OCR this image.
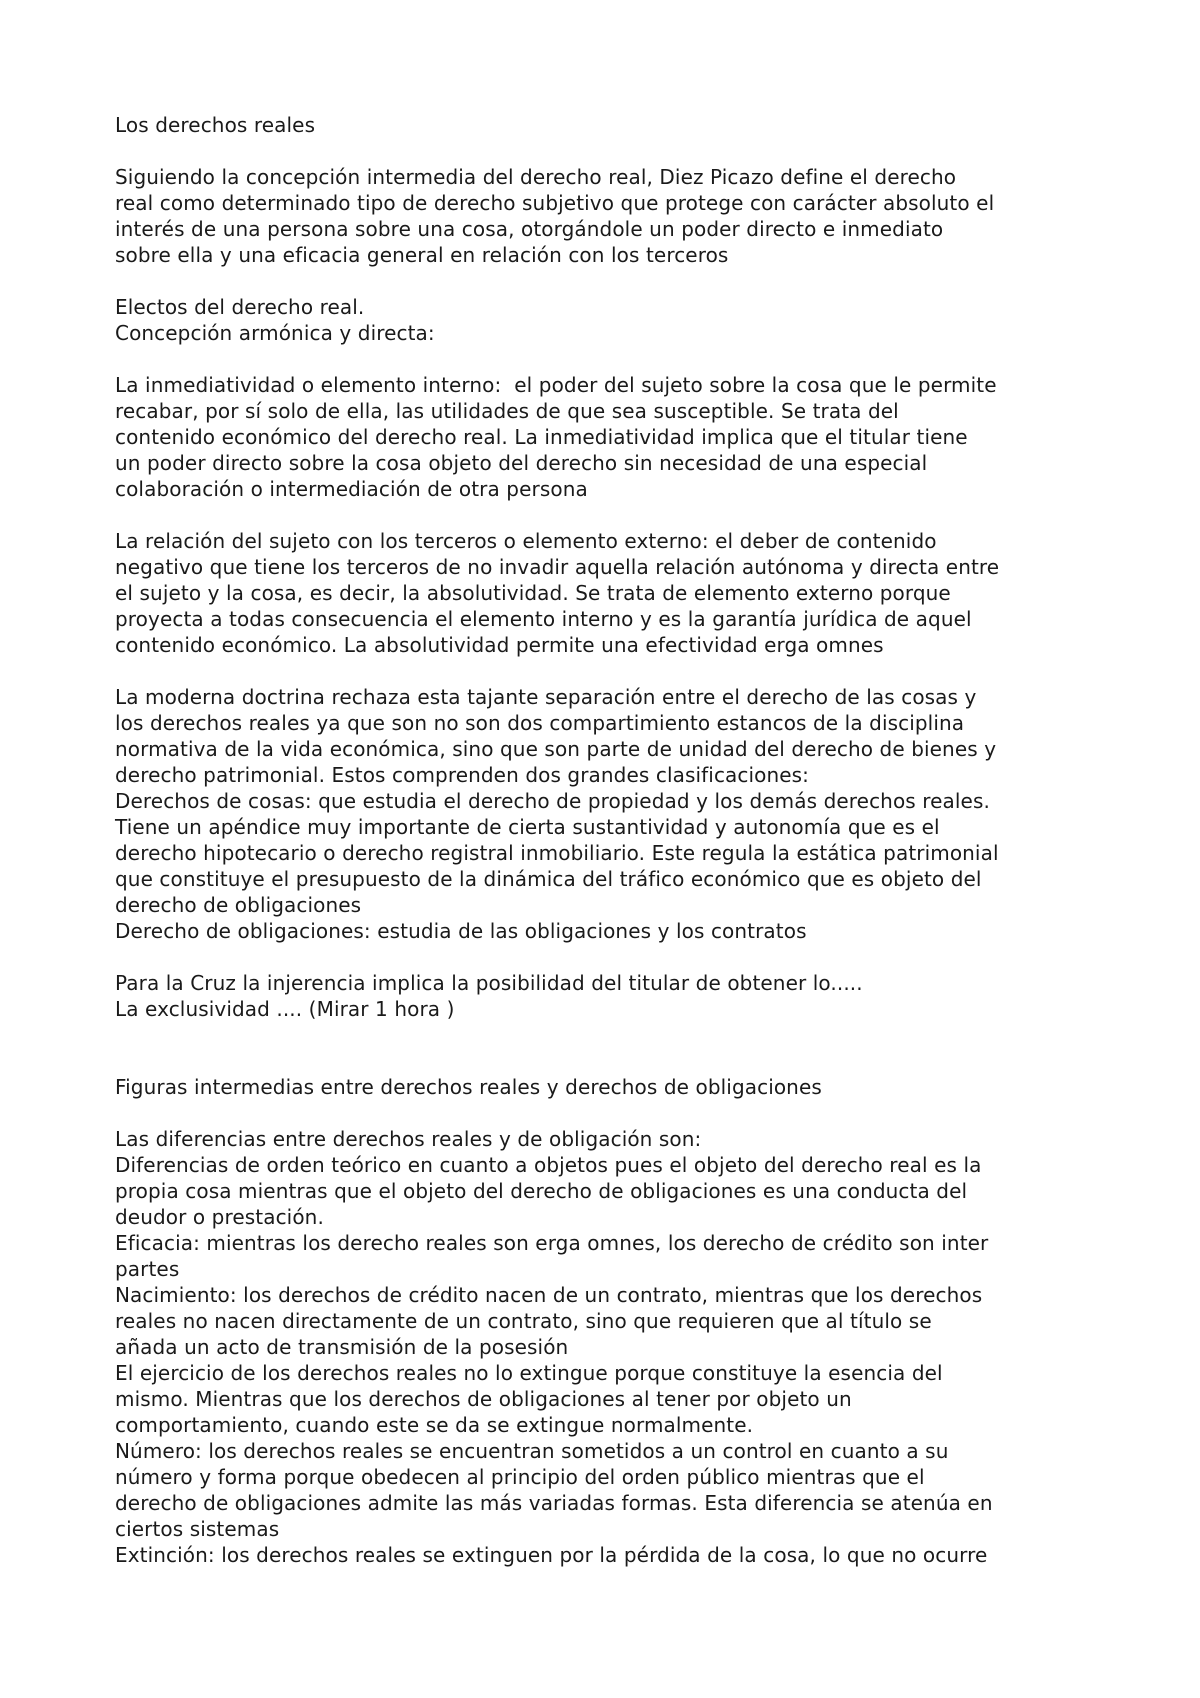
Los derechos reales
Siguiendo la concepción intermedia del derecho real, Diez Picazo define el derecho
real como determinado tipo de derecho subjetivo que protege con carácter absoluto el
interés de una persona sobre una cosa, otorgándole un poder directo e inmediato
sobre ella y una eficacia general en relación con los terceros
Electos del derecho real.
Concepción armónica y directa:
La inmediatividad o elemento interno:  el poder del sujeto sobre la cosa que le permite
recabar, por sí solo de ella, las utilidades de que sea susceptible. Se trata del
contenido económico del derecho real. La inmediatividad implica que el titular tiene
un poder directo sobre la cosa objeto del derecho sin necesidad de una especial
colaboración o intermediación de otra persona
La relación del sujeto con los terceros o elemento externo: el deber de contenido
negativo que tiene los terceros de no invadir aquella relación autónoma y directa entre
el sujeto y la cosa, es decir, la absolutividad. Se trata de elemento externo porque
proyecta a todas consecuencia el elemento interno y es la garantía jurídica de aquel
contenido económico. La absolutividad permite una efectividad erga omnes
La moderna doctrina rechaza esta tajante separación entre el derecho de las cosas y
los derechos reales ya que son no son dos compartimiento estancos de la disciplina
normativa de la vida económica, sino que son parte de unidad del derecho de bienes y
derecho patrimonial. Estos comprenden dos grandes clasificaciones:
Derechos de cosas: que estudia el derecho de propiedad y los demás derechos reales.
Tiene un apéndice muy importante de cierta sustantividad y autonomía que es el
derecho hipotecario o derecho registral inmobiliario. Este regula la estática patrimonial
que constituye el presupuesto de la dinámica del tráfico económico que es objeto del
derecho de obligaciones
Derecho de obligaciones: estudia de las obligaciones y los contratos
Para la Cruz la injerencia implica la posibilidad del titular de obtener lo.....
La exclusividad .... (Mirar 1 hora )
Figuras intermedias entre derechos reales y derechos de obligaciones
Las diferencias entre derechos reales y de obligación son:
Diferencias de orden teórico en cuanto a objetos pues el objeto del derecho real es la
propia cosa mientras que el objeto del derecho de obligaciones es una conducta del
deudor o prestación.
Eficacia: mientras los derecho reales son erga omnes, los derecho de crédito son inter
partes
Nacimiento: los derechos de crédito nacen de un contrato, mientras que los derechos
reales no nacen directamente de un contrato, sino que requieren que al título se
añada un acto de transmisión de la posesión
El ejercicio de los derechos reales no lo extingue porque constituye la esencia del
mismo. Mientras que los derechos de obligaciones al tener por objeto un
comportamiento, cuando este se da se extingue normalmente.
Número: los derechos reales se encuentran sometidos a un control en cuanto a su
número y forma porque obedecen al principio del orden público mientras que el
derecho de obligaciones admite las más variadas formas. Esta diferencia se atenúa en
ciertos sistemas
Extinción: los derechos reales se extinguen por la pérdida de la cosa, lo que no ocurre
